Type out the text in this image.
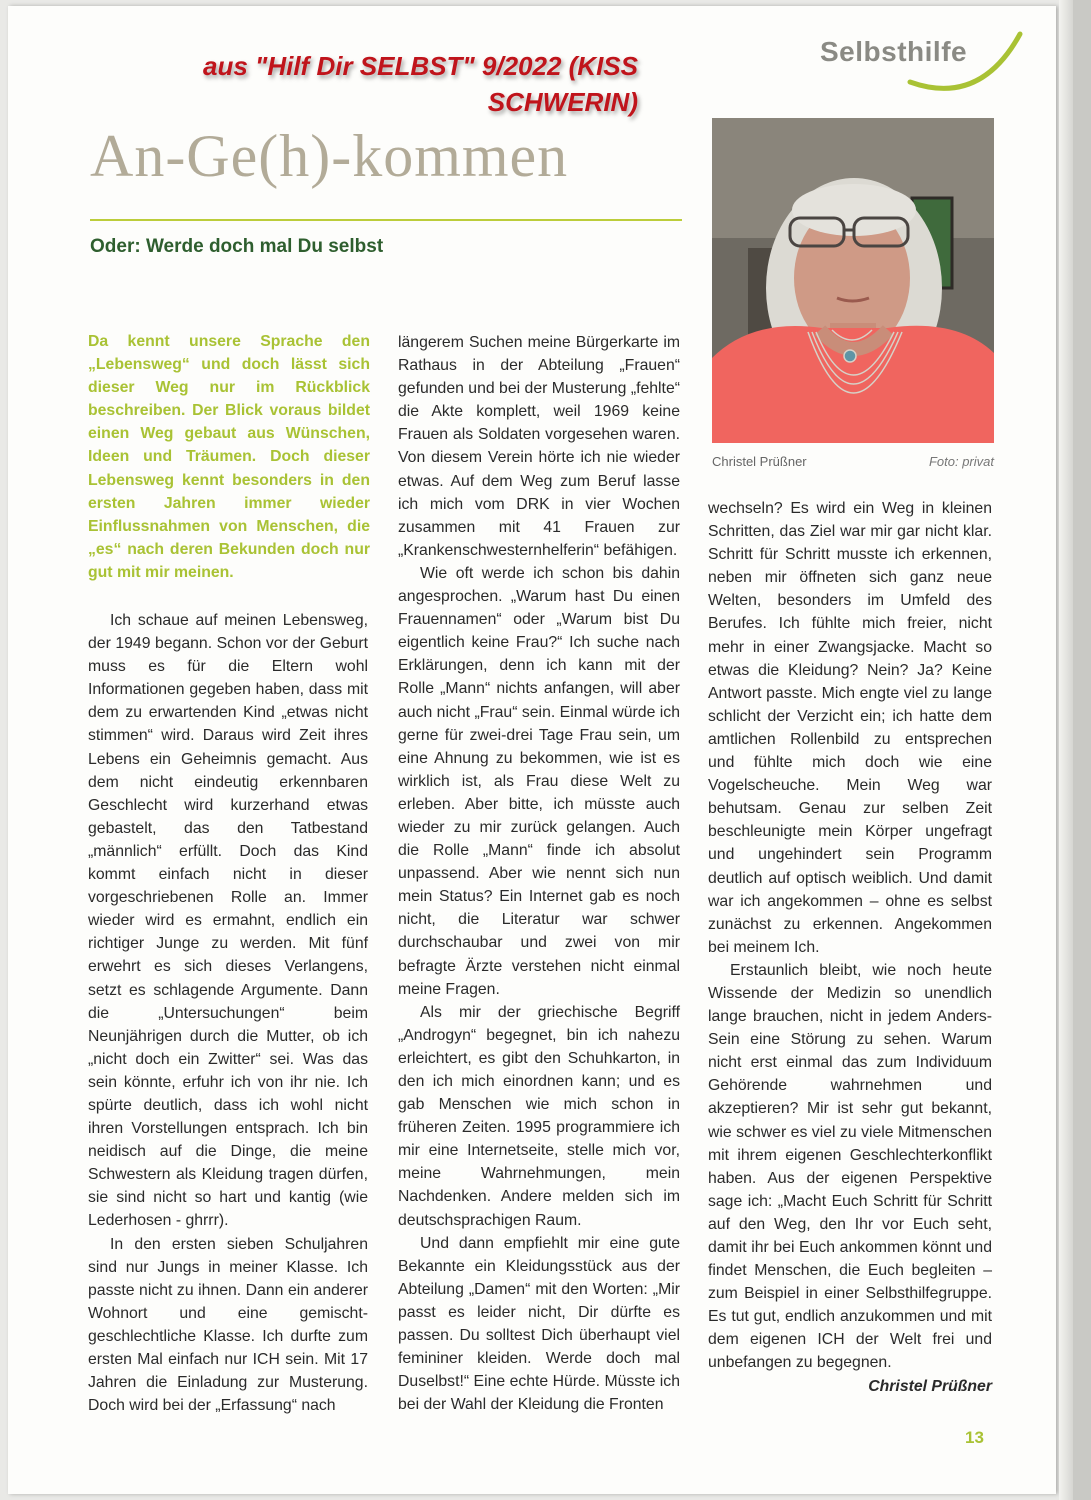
aus "Hilf Dir SELBST" 9/2022 (KISS SCHWERIN)
Selbsthilfe
An-Ge(h)-kommen
Oder: Werde doch mal Du selbst
Christel Prüßner	Foto: privat

Da kennt unsere Sprache den „Lebensweg“ und doch lässt sich dieser Weg nur im Rückblick beschreiben. Der Blick voraus bildet einen Weg gebaut aus Wünschen, Ideen und Träumen. Doch dieser Lebensweg kennt besonders in den ersten Jahren immer wieder Einflussnahmen von Menschen, die „es“ nach deren Bekunden doch nur gut mit mir meinen.

Ich schaue auf meinen Lebensweg, der 1949 begann. Schon vor der Geburt muss es für die Eltern wohl Informationen gegeben haben, dass mit dem zu erwartenden Kind „etwas nicht stimmen“ wird. Daraus wird Zeit ihres Lebens ein Geheimnis gemacht. Aus dem nicht eindeutig erkennbaren Geschlecht wird kurzerhand etwas gebastelt, das den Tatbestand „männlich“ erfüllt. Doch das Kind kommt einfach nicht in dieser vorgeschriebenen Rolle an. Immer wieder wird es ermahnt, endlich ein richtiger Junge zu werden. Mit fünf erwehrt es sich dieses Verlangens, setzt es schlagende Argumente. Dann die „Untersuchungen“ beim Neunjährigen durch die Mutter, ob ich „nicht doch ein Zwitter“ sei. Was das sein könnte, erfuhr ich von ihr nie. Ich spürte deutlich, dass ich wohl nicht ihren Vorstellungen entsprach. Ich bin neidisch auf die Dinge, die meine Schwestern als Kleidung tragen dürfen, sie sind nicht so hart und kantig (wie Lederhosen - ghrrr).

In den ersten sieben Schuljahren sind nur Jungs in meiner Klasse. Ich passte nicht zu ihnen. Dann ein anderer Wohnort und eine gemischt-geschlechtliche Klasse. Ich durfte zum ersten Mal einfach nur ICH sein. Mit 17 Jahren die Einladung zur Musterung. Doch wird bei der „Erfassung“ nach

längerem Suchen meine Bürgerkarte im Rathaus in der Abteilung „Frauen“ gefunden und bei der Musterung „fehlte“ die Akte komplett, weil 1969 keine Frauen als Soldaten vorgesehen waren. Von diesem Verein hörte ich nie wieder etwas. Auf dem Weg zum Beruf lasse ich mich vom DRK in vier Wochen zusammen mit 41 Frauen zur „Krankenschwesternhelferin“ befähigen.

Wie oft werde ich schon bis dahin angesprochen. „Warum hast Du einen Frauennamen“ oder „Warum bist Du eigentlich keine Frau?“ Ich suche nach Erklärungen, denn ich kann mit der Rolle „Mann“ nichts anfangen, will aber auch nicht „Frau“ sein. Einmal würde ich gerne für zwei-drei Tage Frau sein, um eine Ahnung zu bekommen, wie ist es wirklich ist, als Frau diese Welt zu erleben. Aber bitte, ich müsste auch wieder zu mir zurück gelangen. Auch die Rolle „Mann“ finde ich absolut unpassend. Aber wie nennt sich nun mein Status? Ein Internet gab es noch nicht, die Literatur war schwer durchschaubar und zwei von mir befragte Ärzte verstehen nicht einmal meine Fragen.

Als mir der griechische Begriff „Androgyn“ begegnet, bin ich nahezu erleichtert, es gibt den Schuhkarton, in den ich mich einordnen kann; und es gab Menschen wie mich schon in früheren Zeiten. 1995 programmiere ich mir eine Internetseite, stelle mich vor, meine Wahrnehmungen, mein Nachdenken. Andere melden sich im deutschsprachigen Raum.

Und dann empfiehlt mir eine gute Bekannte ein Kleidungsstück aus der Abteilung „Damen“ mit den Worten: „Mir passt es leider nicht, Dir dürfte es passen. Du solltest Dich überhaupt viel femininer kleiden. Werde doch mal Duselbst!“ Eine echte Hürde. Müsste ich bei der Wahl der Kleidung die Fronten

wechseln? Es wird ein Weg in kleinen Schritten, das Ziel war mir gar nicht klar. Schritt für Schritt musste ich erkennen, neben mir öffneten sich ganz neue Welten, besonders im Umfeld des Berufes. Ich fühlte mich freier, nicht mehr in einer Zwangsjacke. Macht so etwas die Kleidung? Nein? Ja? Keine Antwort passte. Mich engte viel zu lange schlicht der Verzicht ein; ich hatte dem amtlichen Rollenbild zu entsprechen und fühlte mich doch wie eine Vogelscheuche. Mein Weg war behutsam. Genau zur selben Zeit beschleunigte mein Körper ungefragt und ungehindert sein Programm deutlich auf optisch weiblich. Und damit war ich angekommen – ohne es selbst zunächst zu erkennen. Angekommen bei meinem Ich.

Erstaunlich bleibt, wie noch heute Wissende der Medizin so unendlich lange brauchen, nicht in jedem Anders-Sein eine Störung zu sehen. Warum nicht erst einmal das zum Individuum Gehörende wahrnehmen und akzeptieren? Mir ist sehr gut bekannt, wie schwer es viel zu viele Mitmenschen mit ihrem eigenen Geschlechterkonflikt haben. Aus der eigenen Perspektive sage ich: „Macht Euch Schritt für Schritt auf den Weg, den Ihr vor Euch seht, damit ihr bei Euch ankommen könnt und findet Menschen, die Euch begleiten – zum Beispiel in einer Selbsthilfegruppe. Es tut gut, endlich anzukommen und mit dem eigenen ICH der Welt frei und unbefangen zu begegnen.
Christel Prüßner

13
